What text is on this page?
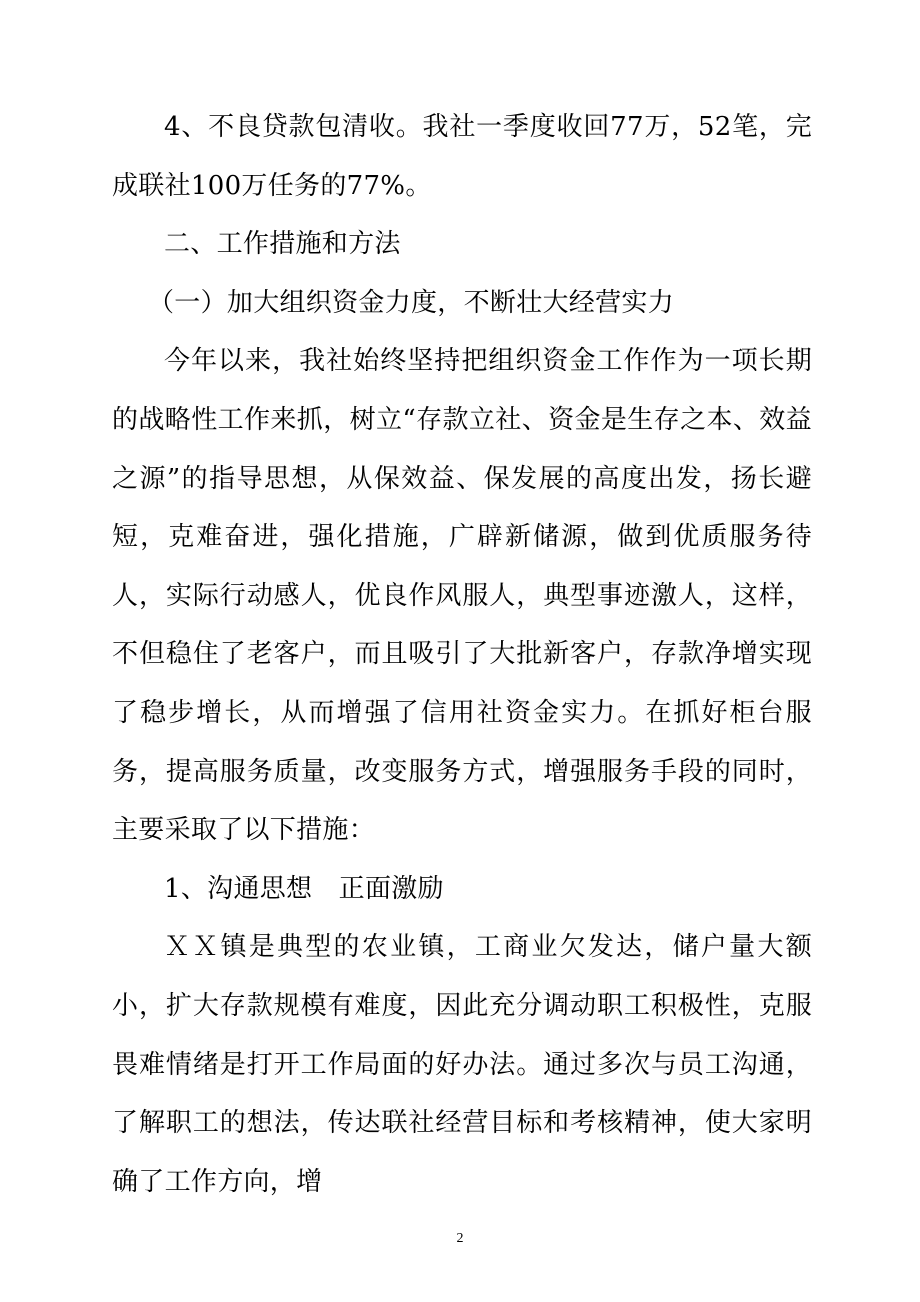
4、不良贷款包清收。我社一季度收回77万，52笔，完成联社100万任务的77%。

二、工作措施和方法

（一）加大组织资金力度，不断壮大经营实力

今年以来，我社始终坚持把组织资金工作作为一项长期的战略性工作来抓，树立“存款立社、资金是生存之本、效益之源”的指导思想，从保效益、保发展的高度出发，扬长避短，克难奋进，强化措施，广辟新储源，做到优质服务待人，实际行动感人，优良作风服人，典型事迹激人，这样，不但稳住了老客户，而且吸引了大批新客户，存款净增实现了稳步增长，从而增强了信用社资金实力。在抓好柜台服务，提高服务质量，改变服务方式，增强服务手段的同时，主要采取了以下措施：

1、沟通思想　正面激励

ＸＸ镇是典型的农业镇，工商业欠发达，储户量大额小，扩大存款规模有难度，因此充分调动职工积极性，克服畏难情绪是打开工作局面的好办法。通过多次与员工沟通，了解职工的想法，传达联社经营目标和考核精神，使大家明确了工作方向，增

2
